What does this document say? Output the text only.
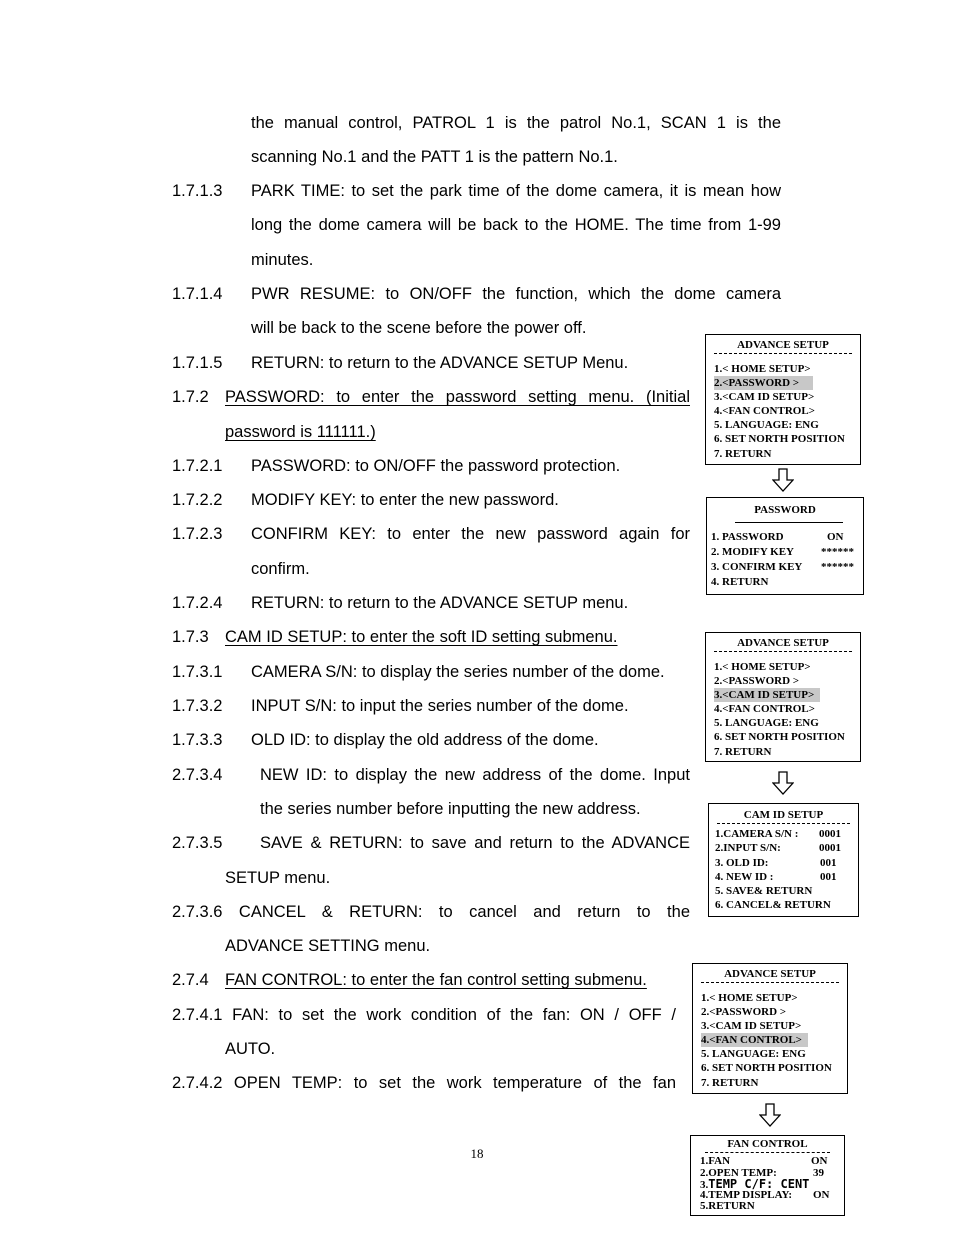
the manual control, PATROL 1 is the patrol No.1, SCAN 1 is the
scanning No.1 and the PATT 1 is the pattern No.1.
1.7.1.3 PARK TIME: to set the park time of the dome camera, it is mean how
long the dome camera will be back to the HOME. The time from 1-99
minutes.
1.7.1.4 PWR RESUME: to ON/OFF the function, which the dome camera
will be back to the scene before the power off.
1.7.1.5 RETURN: to return to the ADVANCE SETUP Menu.
1.7.2 PASSWORD: to enter the password setting menu. (Initial
password is 111111.)
1.7.2.1 PASSWORD: to ON/OFF the password protection.
1.7.2.2 MODIFY KEY: to enter the new password.
1.7.2.3 CONFIRM KEY: to enter the new password again for
confirm.
1.7.2.4 RETURN: to return to the ADVANCE SETUP menu.
1.7.3 CAM ID SETUP: to enter the soft ID setting submenu.
1.7.3.1 CAMERA S/N: to display the series number of the dome.
1.7.3.2 INPUT S/N: to input the series number of the dome.
1.7.3.3 OLD ID: to display the old address of the dome.
2.7.3.4 NEW ID: to display the new address of the dome. Input
the series number before inputting the new address.
2.7.3.5 SAVE & RETURN: to save and return to the ADVANCE
SETUP menu.
2.7.3.6 CANCEL & RETURN: to cancel and return to the
ADVANCE SETTING menu.
2.7.4 FAN CONTROL: to enter the fan control setting submenu.
2.7.4.1 FAN: to set the work condition of the fan: ON / OFF /
AUTO.
2.7.4.2 OPEN TEMP: to set the work temperature of the fan
18
ADVANCE SETUP
1.< HOME SETUP>
2.<PASSWORD >
3.<CAM ID SETUP>
4.<FAN CONTROL>
5. LANGUAGE: ENG
6. SET NORTH POSITION
7. RETURN
PASSWORD
1. PASSWORD	ON
2. MODIFY KEY ******
3. CONFIRM KEY ******
4. RETURN
ADVANCE SETUP
1.< HOME SETUP>
2.<PASSWORD >
3.<CAM ID SETUP>
4.<FAN CONTROL>
5. LANGUAGE: ENG
6. SET NORTH POSITION
7. RETURN
CAM ID SETUP
1.CAMERA S/N : 0001
2.INPUT S/N:	0001
3. OLD ID:	001
4. NEW ID :	001
5. SAVE& RETURN
6. CANCEL& RETURN
ADVANCE SETUP
1.< HOME SETUP>
2.<PASSWORD >
3.<CAM ID SETUP>
4.<FAN CONTROL>
5. LANGUAGE: ENG
6. SET NORTH POSITION
7. RETURN
FAN CONTROL
1.FAN	ON
2.OPEN TEMP:	39
3.TEMP C/F: CENT
4.TEMP DISPLAY: ON
5.RETURN
